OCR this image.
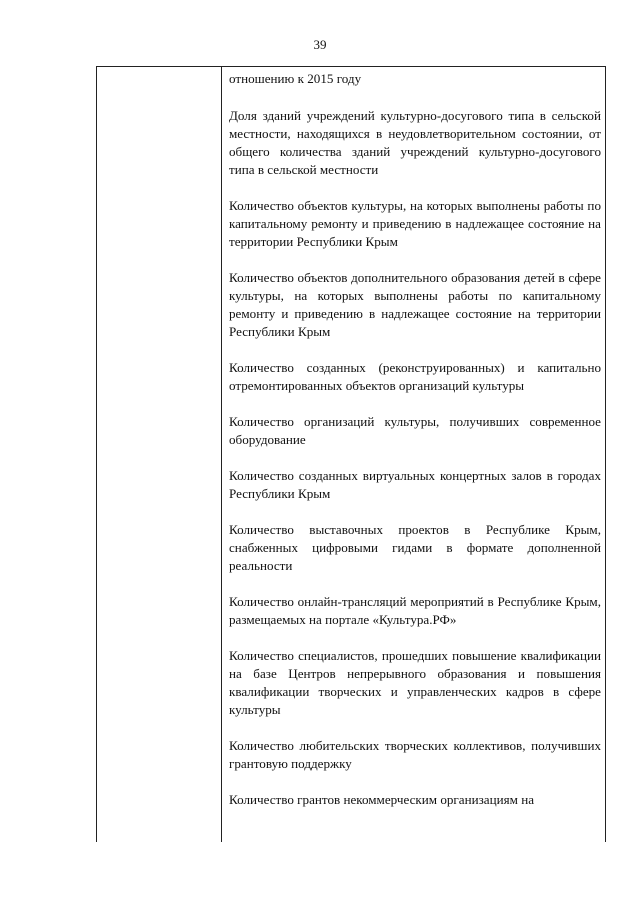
39
отношению к 2015 году
Доля зданий учреждений культурно-досугового типа в сельской местности, находящихся в неудовлетворительном состоянии, от общего количества зданий учреждений культурно-досугового типа в сельской местности
Количество объектов культуры, на которых выполнены работы по капитальному ремонту и приведению в надлежащее состояние на территории Республики Крым
Количество объектов дополнительного образования детей в сфере культуры, на которых выполнены работы по капитальному ремонту и приведению в надлежащее состояние на территории Республики Крым
Количество созданных (реконструированных) и капитально отремонтированных объектов организаций культуры
Количество организаций культуры, получивших современное оборудование
Количество созданных виртуальных концертных залов в городах Республики Крым
Количество выставочных проектов в Республике Крым, снабженных цифровыми гидами в формате дополненной реальности
Количество онлайн-трансляций мероприятий в Республике Крым, размещаемых на портале «Культура.РФ»
Количество специалистов, прошедших повышение квалификации на базе Центров непрерывного образования и повышения квалификации творческих и управленческих кадров в сфере культуры
Количество любительских творческих коллективов, получивших грантовую поддержку
Количество грантов некоммерческим организациям на
